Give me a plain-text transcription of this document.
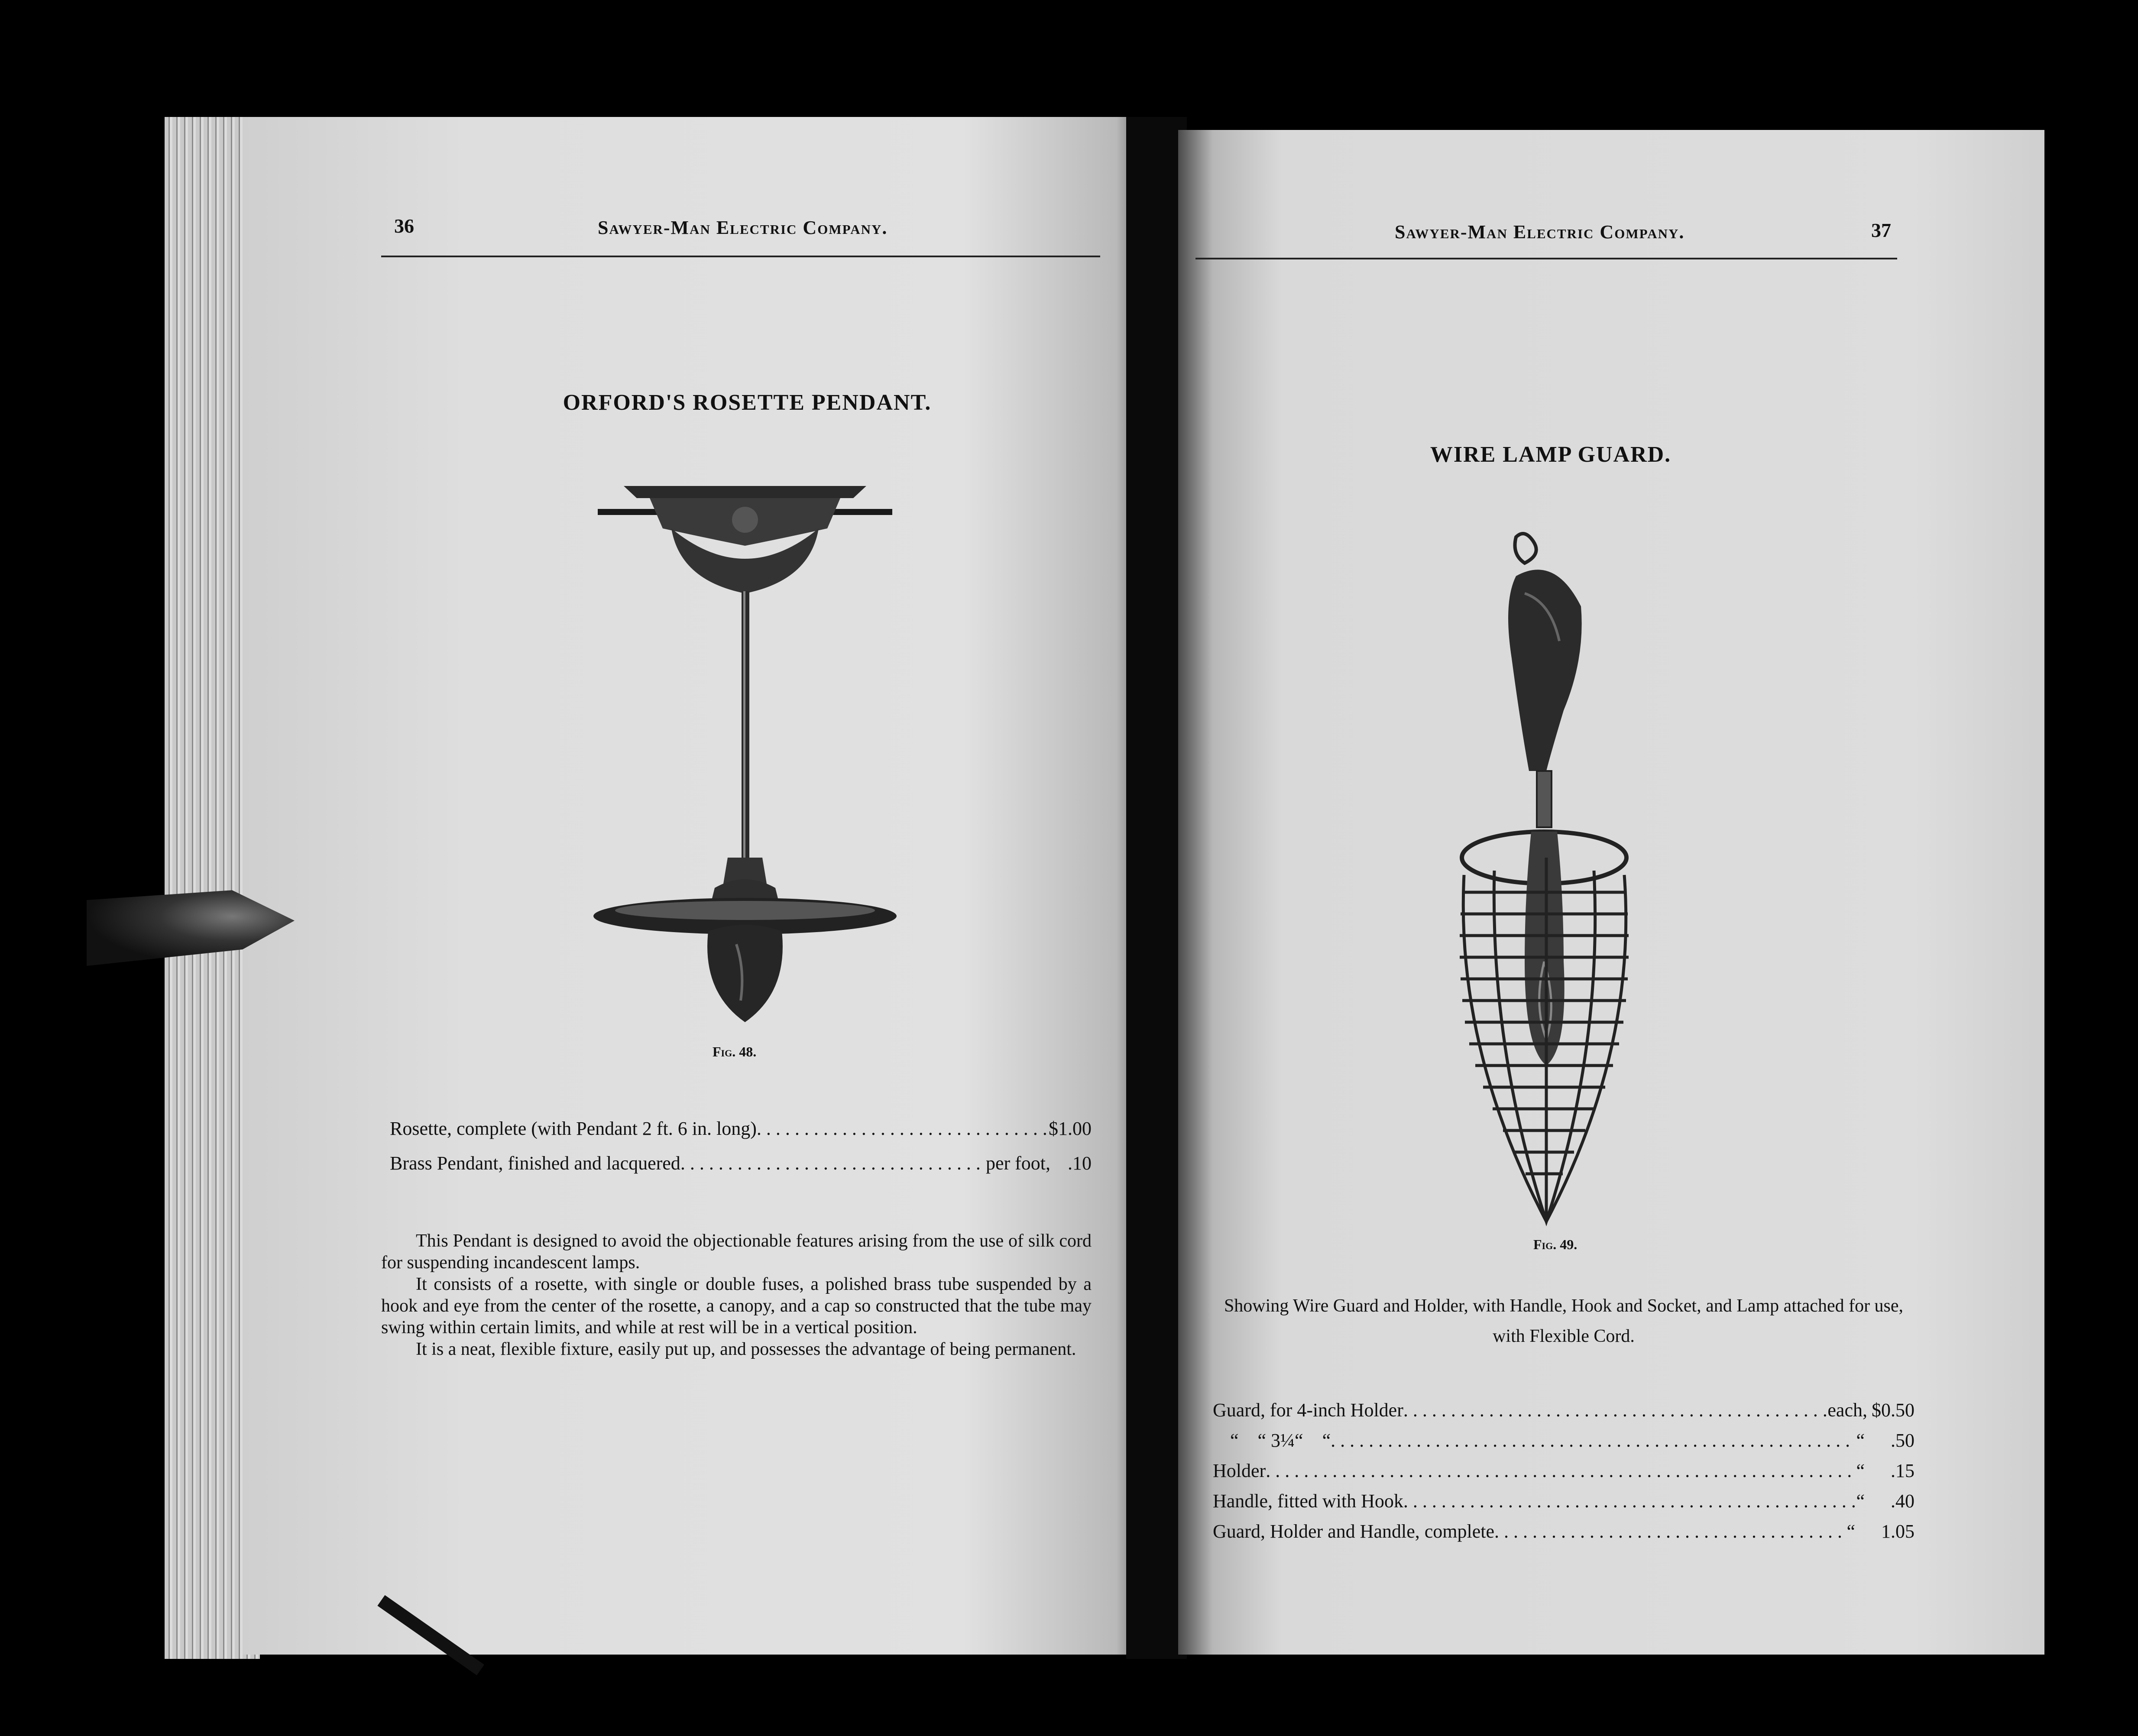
36	Sawyer-Man Electric Company.
ORFORD'S ROSETTE PENDANT.
Fig. 48.
Rosette, complete (with Pendant 2 ft. 6 in. long) . . .	$1.00
Brass Pendant, finished and lacquered . . .	per foot, .10

This Pendant is designed to avoid the objectionable features arising from the use of silk cord for suspending incandescent lamps.

It consists of a rosette, with single or double fuses, a polished brass tube suspended by a hook and eye from the center of the rosette, a canopy, and a cap so constructed that the tube may swing within certain limits, and while at rest will be in a vertical position.

It is a neat, flexible fixture, easily put up, and possesses the advantage of being permanent.

Sawyer-Man Electric Company.	37
WIRE LAMP GUARD.
Fig. 49.
Showing Wire Guard and Holder, with Handle, Hook and Socket, and Lamp attached for use, with Flexible Cord.
Guard, for 4-inch Holder . . .	each, $0.50
“    “ 3¼“    “ . . .	“ .50
Holder . . .	“ .15
Handle, fitted with Hook . . .	“ .40
Guard, Holder and Handle, complete . . .	“ 1.05
